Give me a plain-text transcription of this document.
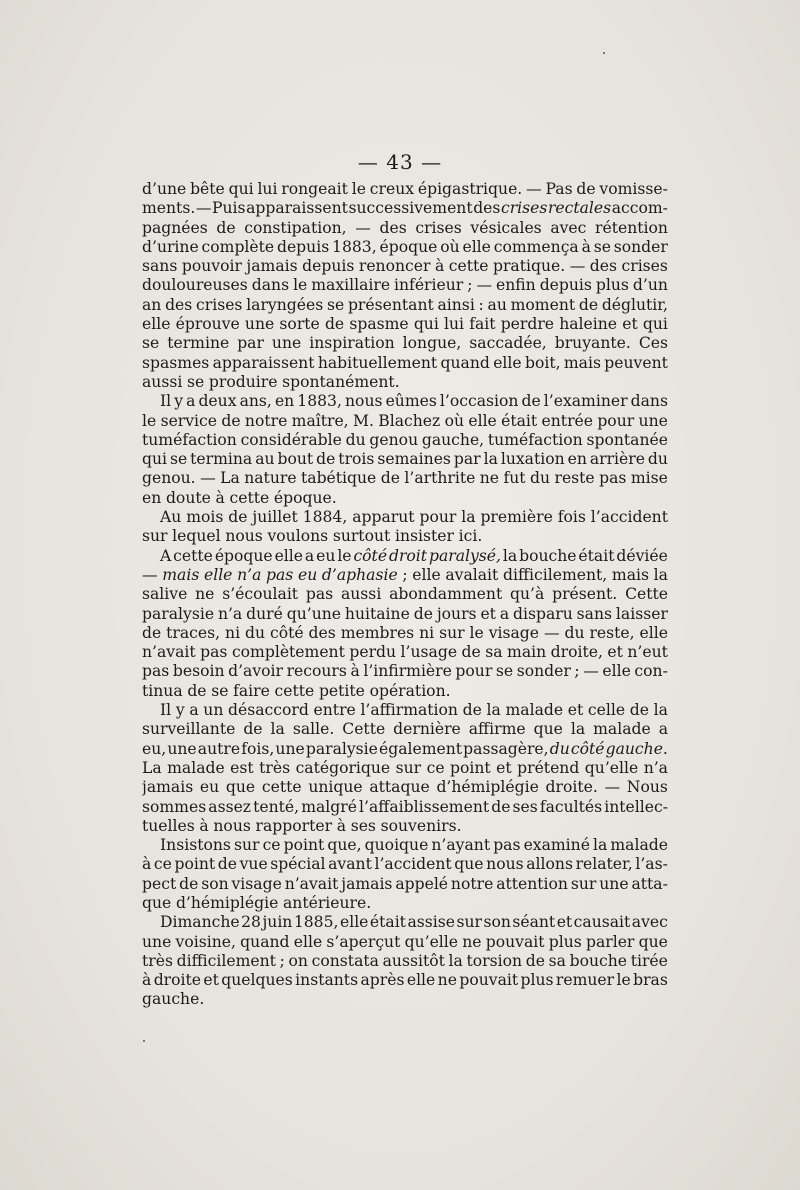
— 43 —
d’une bête qui lui rongeait le creux épigastrique. — Pas de vomisse-
ments. — Puis apparaissent successivement des crises rectales accom-
pagnées de constipation, — des crises vésicales avec rétention
d’urine complète depuis 1883, époque où elle commença à se sonder
sans pouvoir jamais depuis renoncer à cette pratique. — des crises
douloureuses dans le maxillaire inférieur ; — enfin depuis plus d’un
an des crises laryngées se présentant ainsi : au moment de déglutir,
elle éprouve une sorte de spasme qui lui fait perdre haleine et qui
se termine par une inspiration longue, saccadée, bruyante. Ces
spasmes apparaissent habituellement quand elle boit, mais peuvent
aussi se produire spontanément.
Il y a deux ans, en 1883, nous eûmes l’occasion de l’examiner dans
le service de notre maître, M. Blachez où elle était entrée pour une
tuméfaction considérable du genou gauche, tuméfaction spontanée
qui se termina au bout de trois semaines par la luxation en arrière du
genou. — La nature tabétique de l’arthrite ne fut du reste pas mise
en doute à cette époque.
Au mois de juillet 1884, apparut pour la première fois l’accident
sur lequel nous voulons surtout insister ici.
A cette époque elle a eu le côté droit paralysé, la bouche était déviée
— mais elle n’a pas eu d’aphasie ; elle avalait difficilement, mais la
salive ne s’écoulait pas aussi abondamment qu’à présent. Cette
paralysie n’a duré qu’une huitaine de jours et a disparu sans laisser
de traces, ni du côté des membres ni sur le visage — du reste, elle
n’avait pas complètement perdu l’usage de sa main droite, et n’eut
pas besoin d’avoir recours à l’infirmière pour se sonder ; — elle con-
tinua de se faire cette petite opération.
Il y a un désaccord entre l’affirmation de la malade et celle de la
surveillante de la salle. Cette dernière affirme que la malade a
eu, une autre fois, une paralysie également passagère, du côté gauche.
La malade est très catégorique sur ce point et prétend qu’elle n’a
jamais eu que cette unique attaque d’hémiplégie droite. — Nous
sommes assez tenté, malgré l’affaiblissement de ses facultés intellec-
tuelles à nous rapporter à ses souvenirs.
Insistons sur ce point que, quoique n’ayant pas examiné la malade
à ce point de vue spécial avant l’accident que nous allons relater, l’as-
pect de son visage n’avait jamais appelé notre attention sur une atta-
que d’hémiplégie antérieure.
Dimanche 28 juin 1885, elle était assise sur son séant et causait avec
une voisine, quand elle s’aperçut qu’elle ne pouvait plus parler que
très difficilement ; on constata aussitôt la torsion de sa bouche tirée
à droite et quelques instants après elle ne pouvait plus remuer le bras
gauche.
